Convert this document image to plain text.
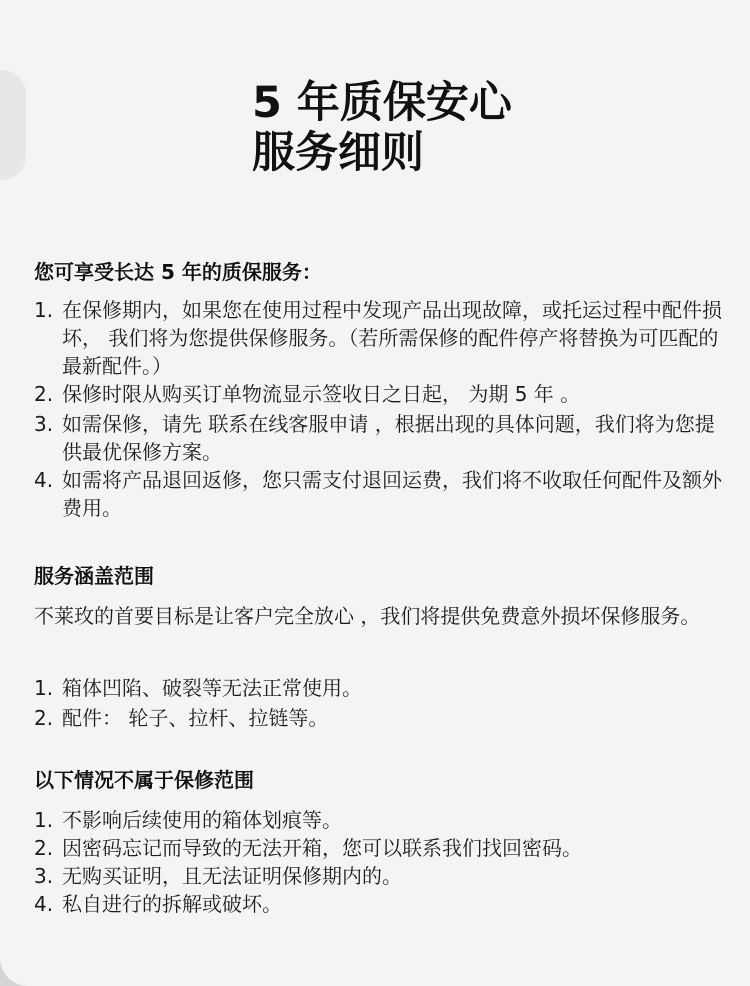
5 年质保安心
服务细则
您可享受长达 5 年的质保服务：
1. 在保修期内，如果您在使用过程中发现产品出现故障，或托运过程中配件损坏， 我们将为您提供保修服务。（若所需保修的配件停产将替换为可匹配的最新配件。）
2. 保修时限从购买订单物流显示签收日之日起， 为期 5 年 。
3. 如需保修，请先 联系在线客服申请 ，根据出现的具体问题，我们将为您提供最优保修方案。
4. 如需将产品退回返修，您只需支付退回运费，我们将不收取任何配件及额外费用。
服务涵盖范围
不莱玫的首要目标是让客户完全放心 ，我们将提供免费意外损坏保修服务。
1. 箱体凹陷、破裂等无法正常使用。
2. 配件： 轮子、拉杆、拉链等。
以下情况不属于保修范围
1. 不影响后续使用的箱体划痕等。
2. 因密码忘记而导致的无法开箱，您可以联系我们找回密码。
3. 无购买证明，且无法证明保修期内的。
4. 私自进行的拆解或破坏。
